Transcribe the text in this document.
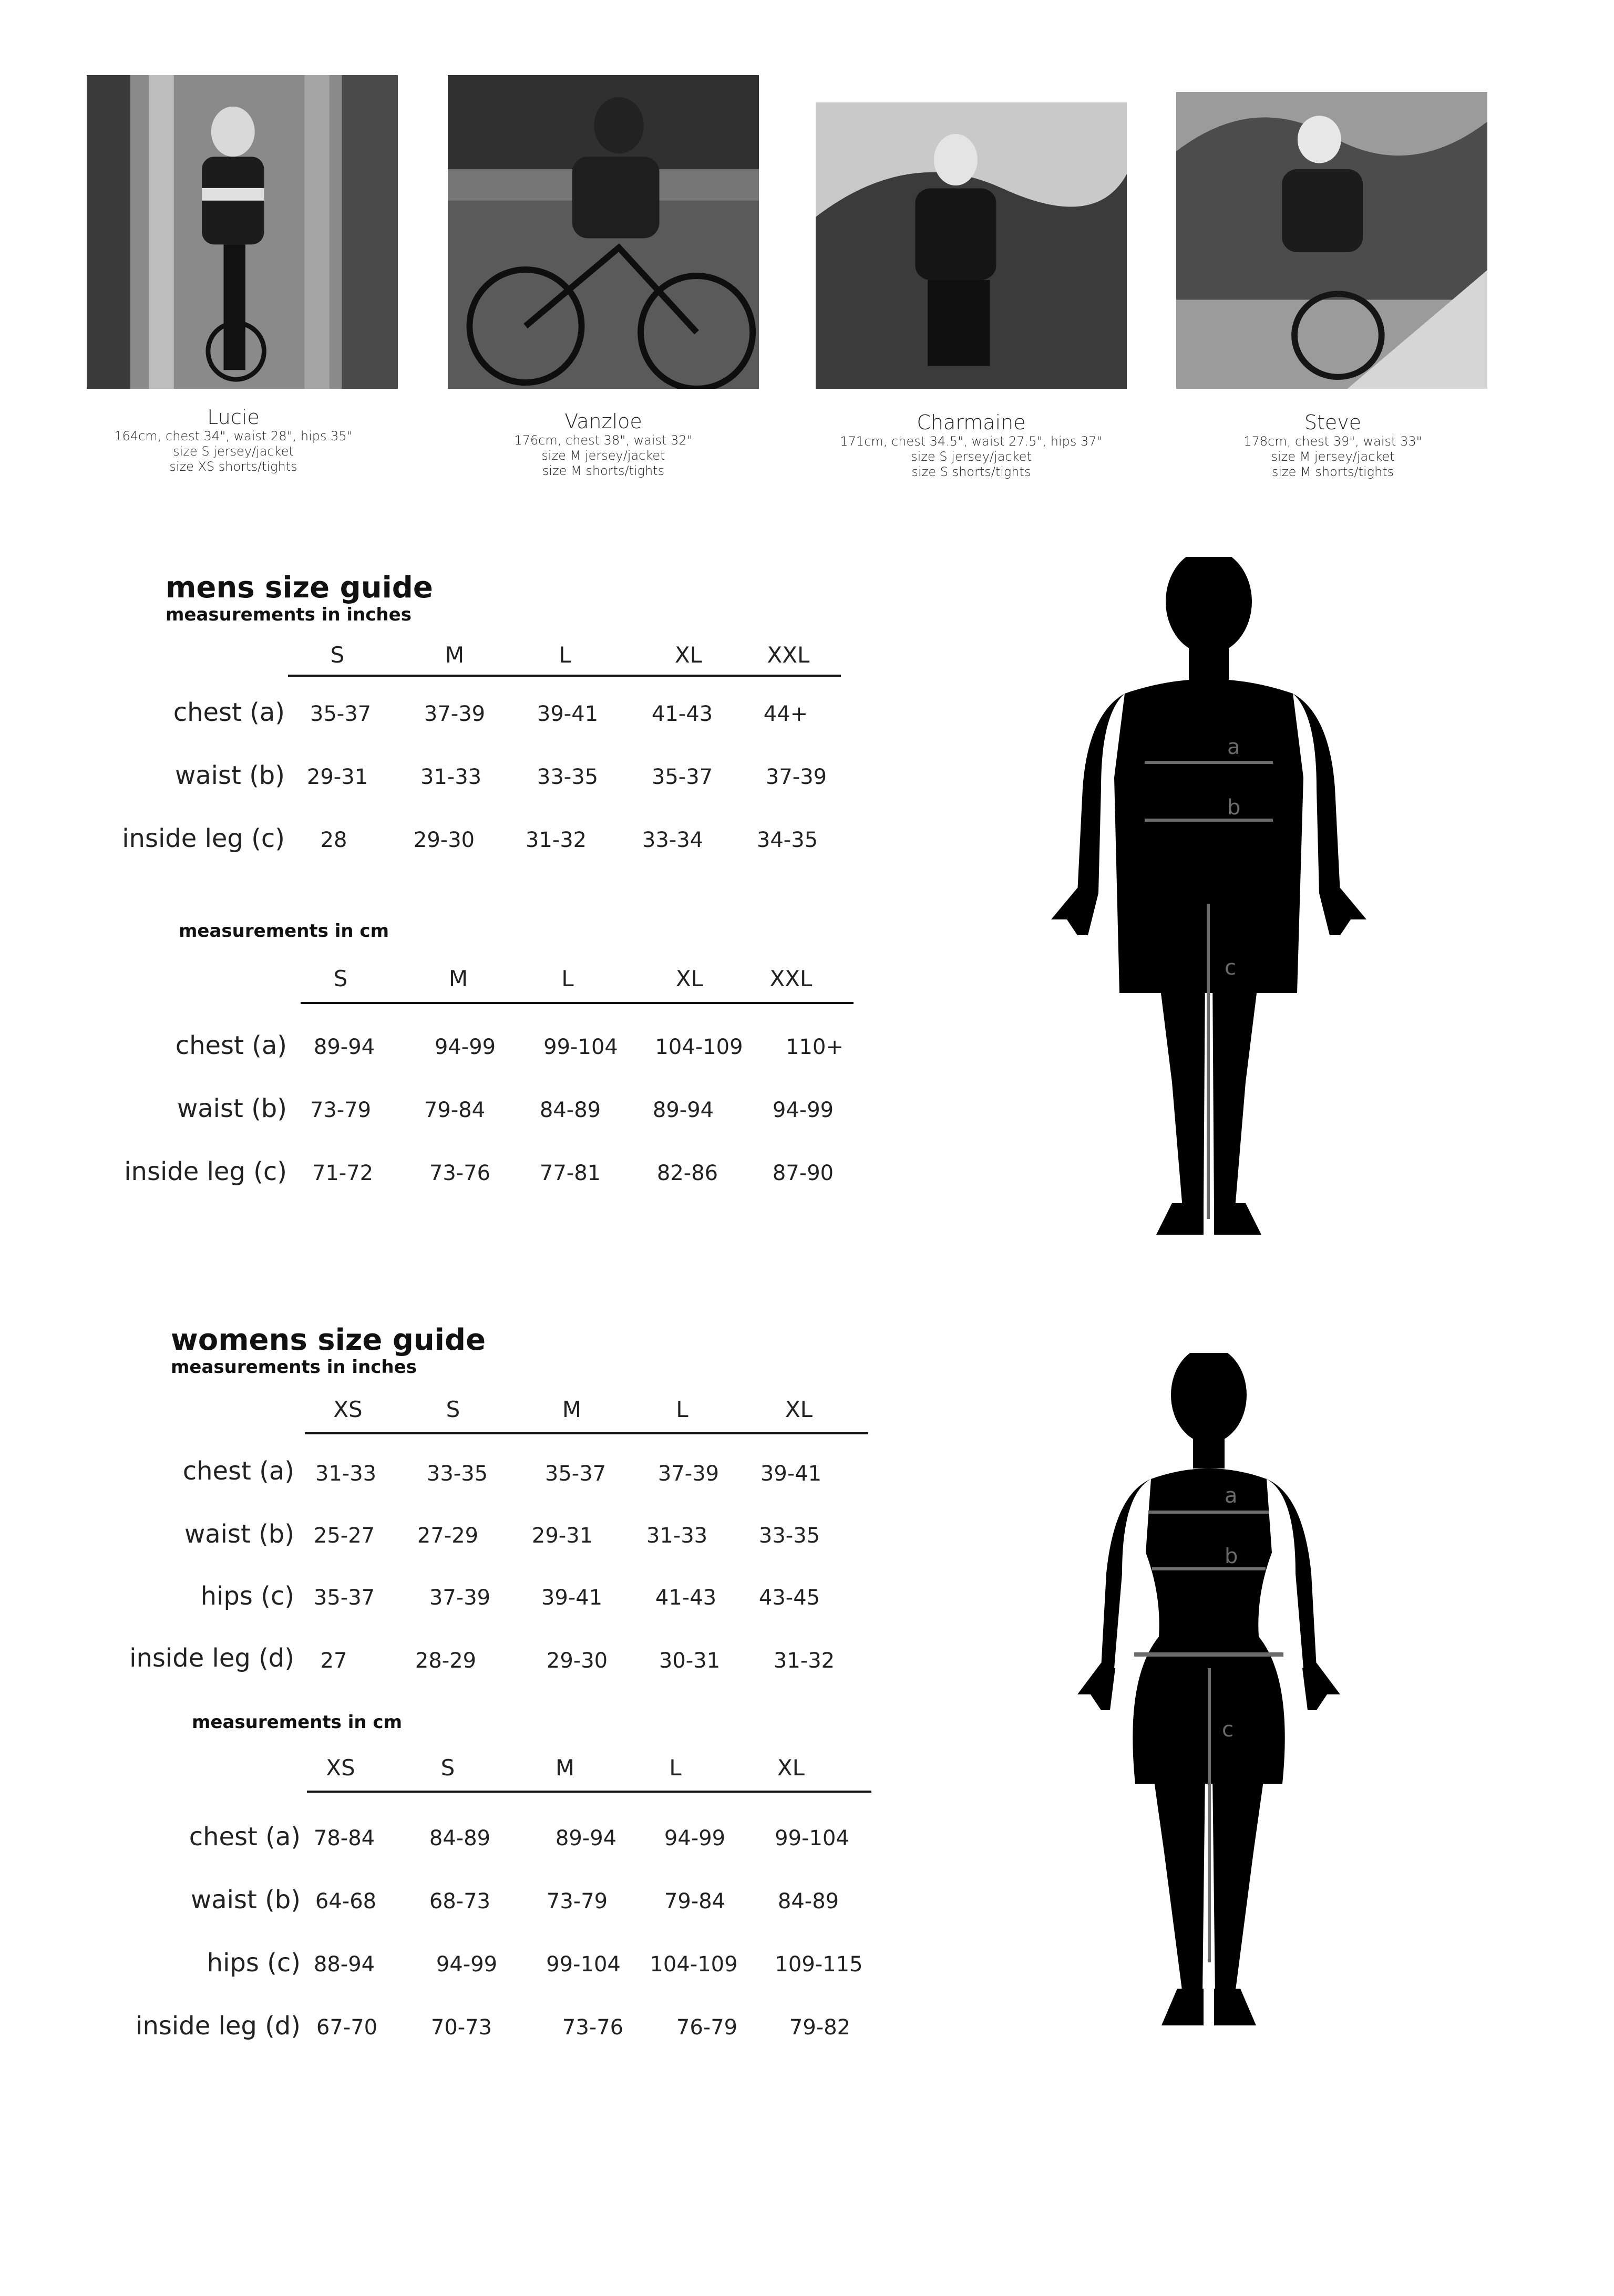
Lucie
164cm, chest 34", waist 28", hips 35"
size S jersey/jacket
size XS shorts/tights
Vanzloe
176cm, chest 38", waist 32"
size M jersey/jacket
size M shorts/tights
Charmaine
171cm, chest 34.5", waist 27.5", hips 37"
size S jersey/jacket
size S shorts/tights
Steve
178cm, chest 39", waist 33"
size M jersey/jacket
size M shorts/tights
mens size guide
measurements in inches
S	M	L	XL	XXL
chest (a)	35-37	37-39	39-41	41-43	44+
waist (b)	29-31	31-33	33-35	35-37	37-39
inside leg (c)	28	29-30	31-32	33-34	34-35
measurements in cm
S	M	L	XL	XXL
chest (a)	89-94	94-99	99-104	104-109	110+
waist (b)	73-79	79-84	84-89	89-94	94-99
inside leg (c)	71-72	73-76	77-81	82-86	87-90
a
b
c
womens size guide
measurements in inches
XS	S	M	L	XL
chest (a) 31-33	33-35	35-37	37-39	39-41
waist (b) 25-27	27-29	29-31	31-33	33-35
hips (c) 35-37	37-39	39-41	41-43	43-45
inside leg (d)	27	28-29	29-30	30-31	31-32
measurements in cm
XS	S	M	L	XL
chest (a) 78-84	84-89	89-94	94-99	99-104
waist (b) 64-68	68-73	73-79	79-84	84-89
hips (c) 88-94	94-99	99-104	104-109	109-115
inside leg (d) 67-70	70-73	73-76	76-79	79-82
a
b
c
